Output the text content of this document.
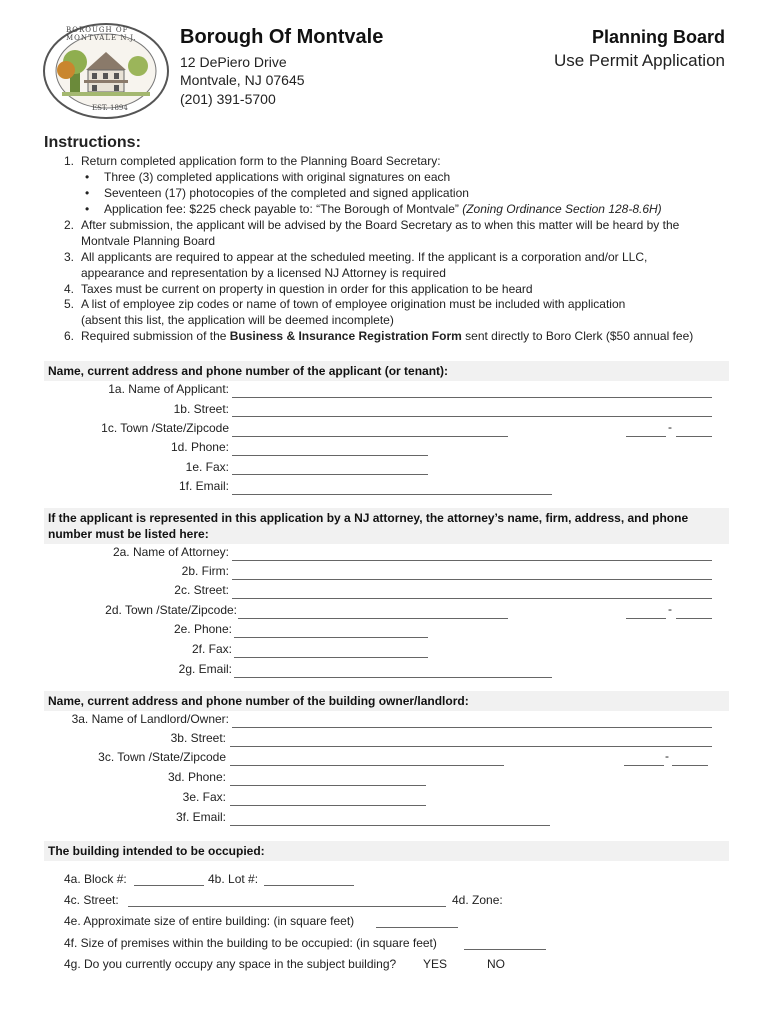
BOROUGH OF MONTVALE N.J.
EST. 1894
Borough Of Montvale
12 DePiero Drive
Montvale, NJ 07645
(201) 391-5700
Planning Board
Use Permit Application
Instructions:
1. Return completed application form to the Planning Board Secretary:
• Three (3) completed applications with original signatures on each
• Seventeen (17) photocopies of the completed and signed application
• Application fee: $225 check payable to: “The Borough of Montvale” (Zoning Ordinance Section 128-8.6H)
2. After submission, the applicant will be advised by the Board Secretary as to when this matter will be heard by the
Montvale Planning Board
3. All applicants are required to appear at the scheduled meeting. If the applicant is a corporation and/or LLC,
appearance and representation by a licensed NJ Attorney is required
4. Taxes must be current on property in question in order for this application to be heard
5. A list of employee zip codes or name of town of employee origination must be included with application
(absent this list, the application will be deemed incomplete)
6. Required submission of the Business & Insurance Registration Form sent directly to Boro Clerk ($50 annual fee)
Name, current address and phone number of the applicant (or tenant):
1a. Name of Applicant:
1b. Street:
1c. Town /State/Zipcode	-
1d. Phone:
1e. Fax:
1f. Email:
If the applicant is represented in this application by a NJ attorney, the attorney’s name, firm, address, and phone
number must be listed here:
2a. Name of Attorney:
2b. Firm:
2c. Street:
2d. Town /State/Zipcode:	-
2e. Phone:
2f. Fax:
2g. Email:
Name, current address and phone number of the building owner/landlord:
3a. Name of Landlord/Owner:
3b. Street:
3c. Town /State/Zipcode	-
3d. Phone:
3e. Fax:
3f. Email:
The building intended to be occupied:
4a. Block #:	4b. Lot #:
4c. Street:	4d. Zone:
4e. Approximate size of entire building: (in square feet)
4f. Size of premises within the building to be occupied: (in square feet)
4g. Do you currently occupy any space in the subject building? YES	NO
